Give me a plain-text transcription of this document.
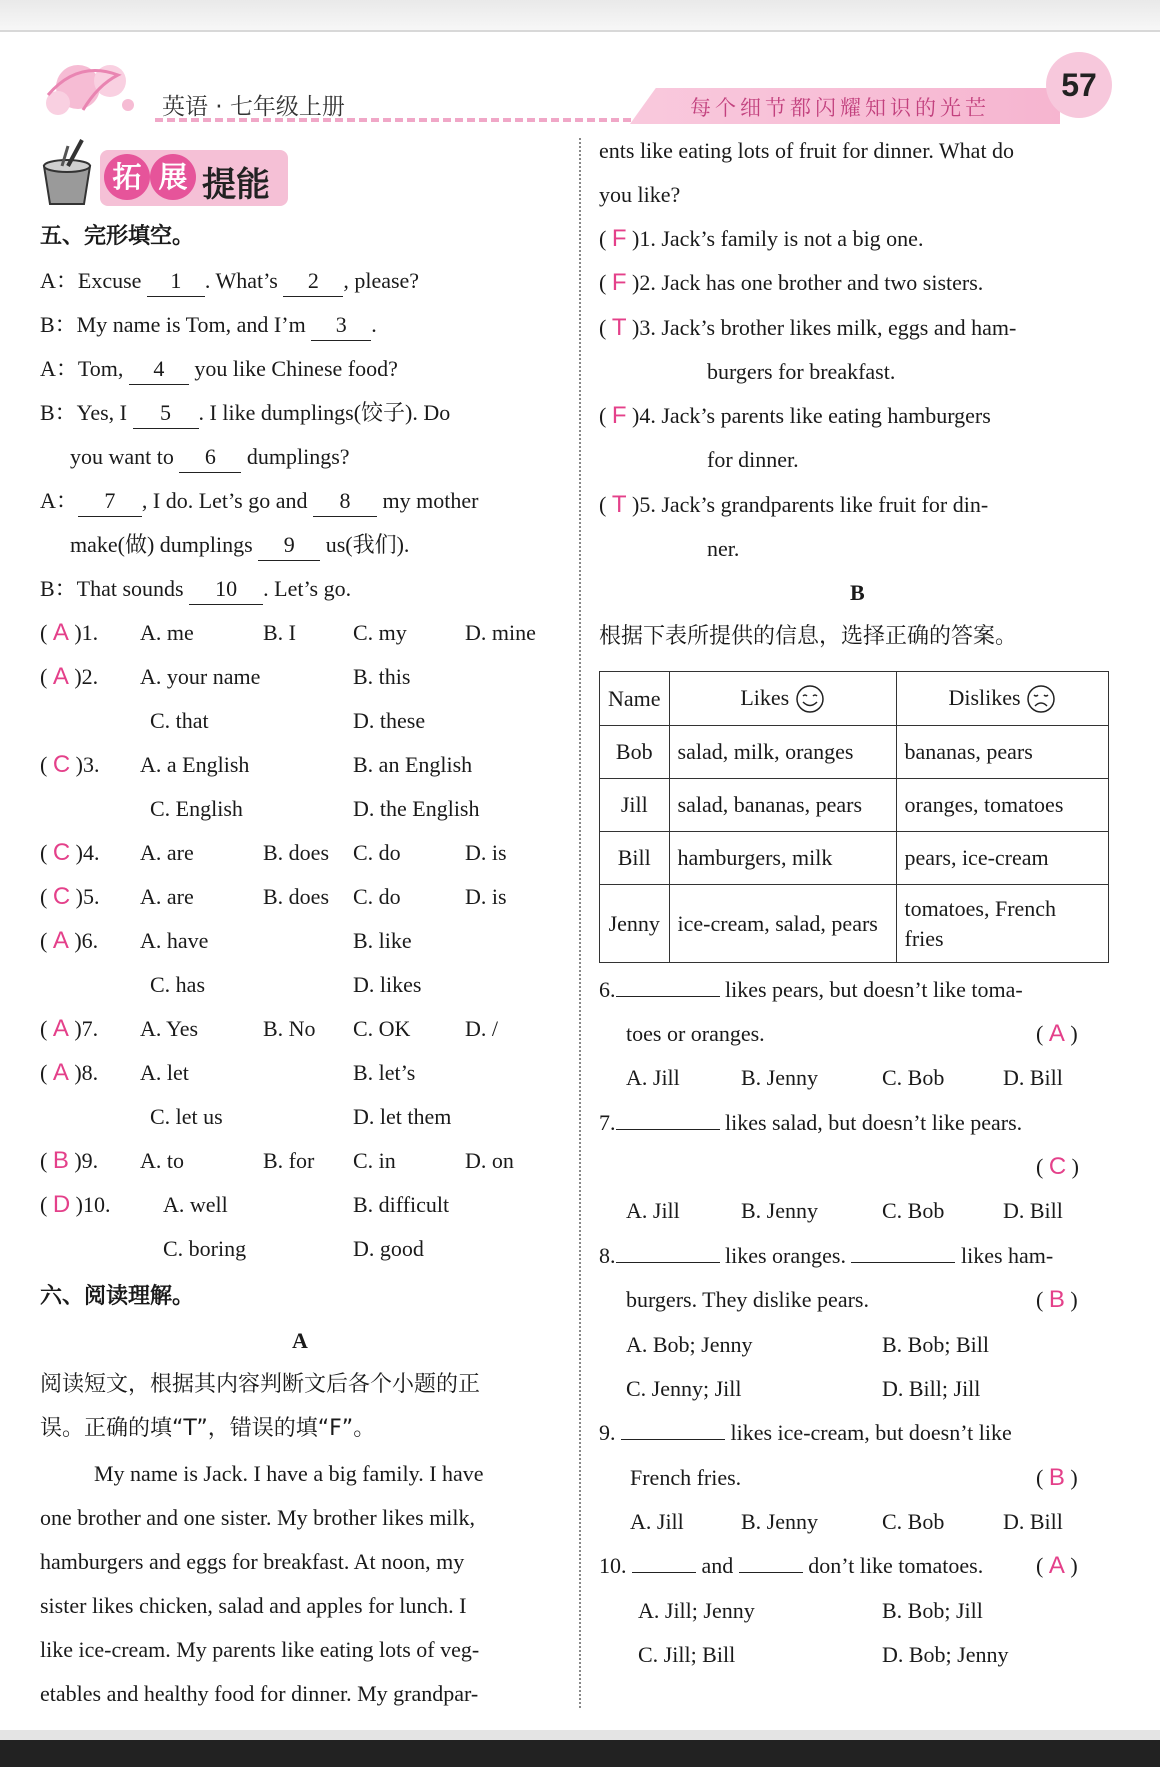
英语 · 七年级上册	每个细节都闪耀知识的光芒
57
拓 展 提能
五、完形填空。
A：Excuse 1 . What’s 2 , please?
B：My name is Tom, and I’m 3 .
A：Tom, 4 you like Chinese food?
B：Yes, I 5 . I like dumplings(饺子). Do
you want to 6 dumplings?
A： 7 , I do. Let’s go and 8 my mother
make(做) dumplings 9 us(我们).
B：That sounds 10 . Let’s go.
( A )1. A. me	B. I	C. my	D. mine
( A )2. A. your name	B. this
C. that	D. these
( C )3. A. a English	B. an English
C. English	D. the English
( C )4. A. are	B. does C. do	D. is
( C )5. A. are	B. does C. do	D. is
( A )6. A. have	B. like
C. has	D. likes
( A )7. A. Yes	B. No C. OK D. /
( A )8. A. let	B. let’s
C. let us	D. let them
( B )9. A. to	B. for C. in	D. on
( D )10. A. well	B. difficult
C. boring	D. good
六、阅读理解。
A
阅读短文，根据其内容判断文后各个小题的正
误。正确的填“T”，错误的填“F”。
My name is Jack. I have a big family. I have
one brother and one sister. My brother likes milk,
hamburgers and eggs for breakfast. At noon, my
sister likes chicken, salad and apples for lunch. I
like ice-cream. My parents like eating lots of veg-
etables and healthy food for dinner. My grandpar-
ents like eating lots of fruit for dinner. What do
you like?
( F )1. Jack’s family is not a big one.
( F )2. Jack has one brother and two sisters.
( T )3. Jack’s brother likes milk, eggs and ham-
burgers for breakfast.
( F )4. Jack’s parents like eating hamburgers
for dinner.
( T )5. Jack’s grandparents like fruit for din-
ner.
B
根据下表所提供的信息，选择正确的答案。
Name	Likes	Dislikes
Bob	salad, milk, oranges	bananas, pears
Jill	salad, bananas, pears	oranges, tomatoes
Bill	hamburgers, milk	pears, ice-cream
Jenny	ice-cream, salad, pears	tomatoes, French fries
6.	likes pears, but doesn’t like toma-
toes or oranges.	( A )
A. Jill	B. Jenny	C. Bob	D. Bill
7.	likes salad, but doesn’t like pears.
( C )
A. Jill	B. Jenny	C. Bob	D. Bill
8.	likes oranges.	likes ham-
burgers. They dislike pears.	( B )
A. Bob; Jenny	B. Bob; Bill
C. Jenny; Jill	D. Bill; Jill
9.	likes ice-cream, but doesn’t like
French fries.	( B )
A. Jill	B. Jenny	C. Bob	D. Bill
10.	and	don’t like tomatoes. ( A )
A. Jill; Jenny	B. Bob; Jill
C. Jill; Bill	D. Bob; Jenny
